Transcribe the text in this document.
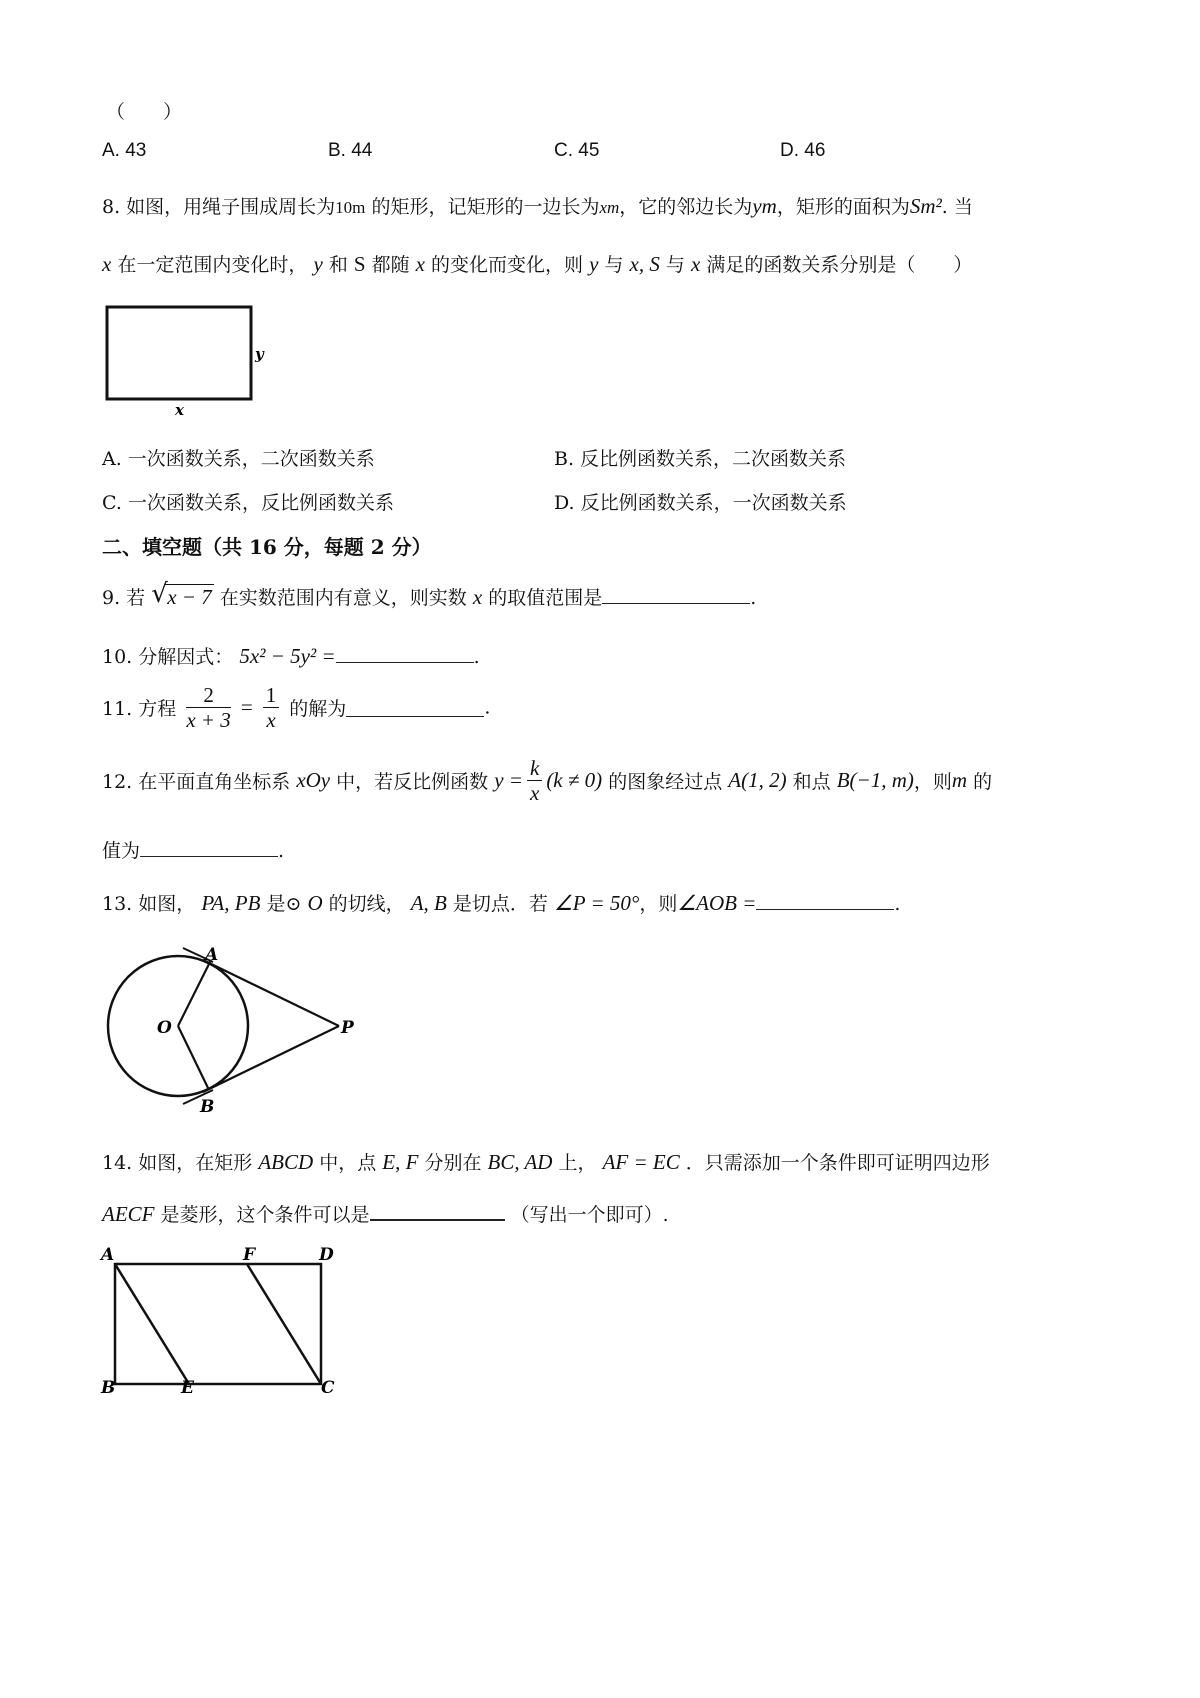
（　　）
A. 43	B. 44	C. 45	D. 46
8. 如图，用绳子围成周长为10m 的矩形，记矩形的一边长为xm，它的邻边长为ym，矩形的面积为Sm². 当
x 在一定范围内变化时， y 和 S 都随 x 的变化而变化，则 y 与 x, S 与 x 满足的函数关系分别是（　　）
y
x
A. 一次函数关系，二次函数关系	B. 反比例函数关系，二次函数关系
C. 一次函数关系，反比例函数关系	D. 反比例函数关系，一次函数关系
二、填空题（共 16 分，每题 2 分）
9. 若 √ x − 7 在实数范围内有意义，则实数 x 的取值范围是	.
10. 分解因式： 5x² − 5y² =	.
11. 方程 $\frac{2}{x + 3} = \frac{1}{x}$ 的解为	.
12. 在平面直角坐标系 xOy 中，若反比例函数 $y = \frac{k}{x} (k \ne 0)$ 的图象经过点 A(1, 2) 和点 B(−1, m)，则m 的
值为	.
13. 如图， PA, PB 是⊙ O 的切线， A, B 是切点．若 ∠P = 50°，则∠AOB =	.
A
B
O	P
14. 如图，在矩形 ABCD 中，点 E, F 分别在 BC, AD 上， AF = EC ．只需添加一个条件即可证明四边形
AECF 是菱形，这个条件可以是	（写出一个即可）.
A	F	D
B	E	C
